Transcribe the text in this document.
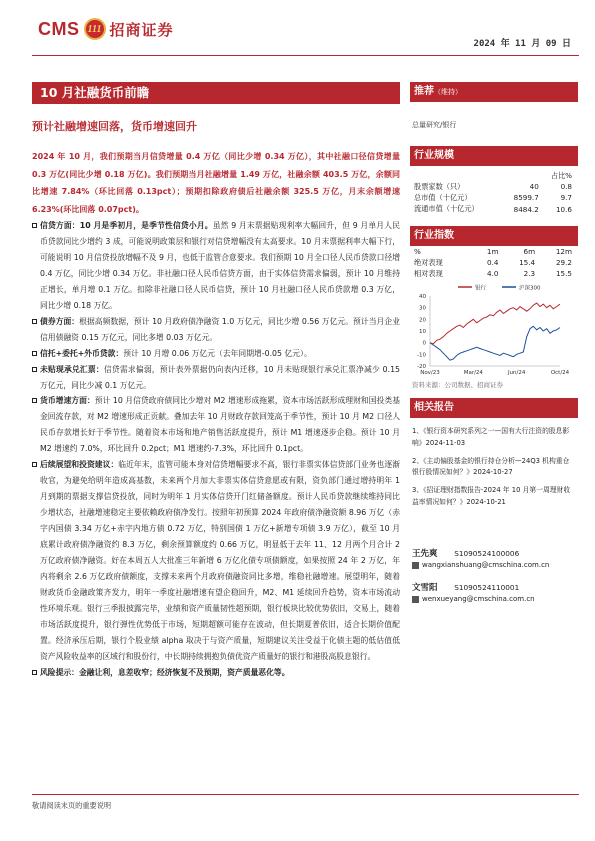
CMS 111 招商证券
2024 年 11 月 09 日
10 月社融货币前瞻
预计社融增速回落，货币增速回升
2024 年 10 月，我们预期当月信贷增量 0.4 万亿（同比少增 0.34 万亿），其中社融口径信贷增量 0.3 万亿(同比少增 0.18 万亿)。我们预期当月社融增量 1.49 万亿，社融余额 403.5 万亿，余额同比增速 7.84%（环比回落 0.13pct）；预期扣除政府债后社融余额 325.5 万亿，月末余额增速 6.23%(环比回落 0.07pct)。
信贷方面：10 月是季初月，是季节性信贷小月。虽然 9 月末票据贴现利率大幅回升，但 9 月单月人民币贷款同比少增约 3 成，可能说明政策层和银行对信贷增幅没有太高要求。10 月末票据利率大幅下行，可能说明 10 月信贷投放增幅不及 9 月，也低于监管合意要求。我们预期 10 月全口径人民币贷款口径增 0.4 万亿，同比少增 0.34 万亿。非社融口径人民币信贷方面，由于实体信贷需求偏弱，预计 10 月维持正增长，单月增 0.1 万亿。扣除非社融口径人民币信贷，预计 10 月社融口径人民币贷款增 0.3 万亿，同比少增 0.18 万亿。
债券方面：根据高频数据，预计 10 月政府债净融资 1.0 万亿元，同比少增 0.56 万亿元。预计当月企业信用债融资 0.15 万亿元，同比多增 0.03 万亿元。
信托+委托+外币贷款：预计 10 月增 0.06 万亿元（去年同期增-0.05 亿元）。
未贴现承兑汇票：信贷需求偏弱，预计表外票据仍向表内迁移，10 月未贴现银行承兑汇票净减少 0.15 万亿元，同比少减 0.1 万亿元。
货币增速方面：预计 10 月信贷政府债同比少增对 M2 增速形成拖累，资本市场活跃形成理财和国投类基金回流存款，对 M2 增速形成正贡献。叠加去年 10 月财政存款回笼高于季节性，预计 10 月 M2 口径人民币存款增长好于季节性。随着资本市场和地产销售活跃度提升，预计 M1 增速逐步企稳。预计 10 月 M2 增速约 7.0%，环比回升 0.2pct；M1 增速约-7.3%，环比回升 0.1pct。
后续展望和投资建议：临近年末，监管可能本身对信贷增幅要求不高，银行非票实体信贷部门业务也逐渐收官，为避免给明年造成高基数，未来两个月加大非票实体信贷意愿或有限，资负部门通过增持明年 1 月到期的票据支撑信贷投放，同时为明年 1 月实体信贷开门红储备额度。预计人民币贷款继续维持同比少增状态，社融增速稳定主要依赖政府债净发行。按照年初预算 2024 年政府债净融资额 8.96 万亿（赤字内国债 3.34 万亿+赤字内地方债 0.72 万亿，特别国债 1 万亿+新增专项债 3.9 万亿），截至 10 月底累计政府债净融资约 8.3 万亿，剩余预算额度约 0.66 万亿，明显低于去年 11、12 月两个月合计 2 万亿政府债净融资。好在本周五人大批准三年新增 6 万亿化债专项债额度，如果按照 24 年 2 万亿，年内将剩余 2.6 万亿政府债额度，支撑未来两个月政府债融资同比多增，维稳社融增速。展望明年，随着财政货币金融政策齐发力，明年一季度社融增速有望企稳回升，M2、M1 延续回升趋势，资本市场流动性环境乐观。银行三季报披露完毕，业绩和资产质量韧性超预期，银行板块比较优势依旧，交易上，随着市场活跃度提升，银行弹性优势低于市场，短期超额可能存在波动，但长期夏普依旧，适合长期价值配置。经济承压后期，银行个股业绩 alpha 取决于与资产质量，短期建议关注受益于化债主题的低估值低资产风险收益率的区域行和股份行，中长期持续拥抱负债优资产质量好的银行和港股高股息银行。
风险提示：金融让利，息差收窄；经济恢复不及预期，资产质量恶化等。
敬请阅读末页的重要说明
推荐（维持）
总量研究/银行
行业规模
		占比%
股票家数（只）	40	0.8
总市值（十亿元）	8599.7	9.7
流通市值（十亿元）	8484.2	10.6
行业指数
%	1m	6m	12m
绝对表现	0.4	15.4	29.2
相对表现	4.0	2.3	15.5
银行	沪深300
40
30
20
10
0
-10
-20
Nov/23	Mar/24	Jun/24	Oct/24
资料来源：公司数据、招商证券
相关报告
1、《银行资本研究系列之一—国有大行注资的股息影响》2024-11-03
2、《主动偏股基金的银行持仓分析—24Q3 机构重仓银行股情况如何？》2024-10-27
3、《招证理财指数报告-2024 年 10 月第一周理财收益率情况如何？》2024-10-21
王先爽 S1090524100006
wangxianshuang@cmschina.com.cn
文雪阳 S1090524110001
wenxueyang@cmschina.com.cn
